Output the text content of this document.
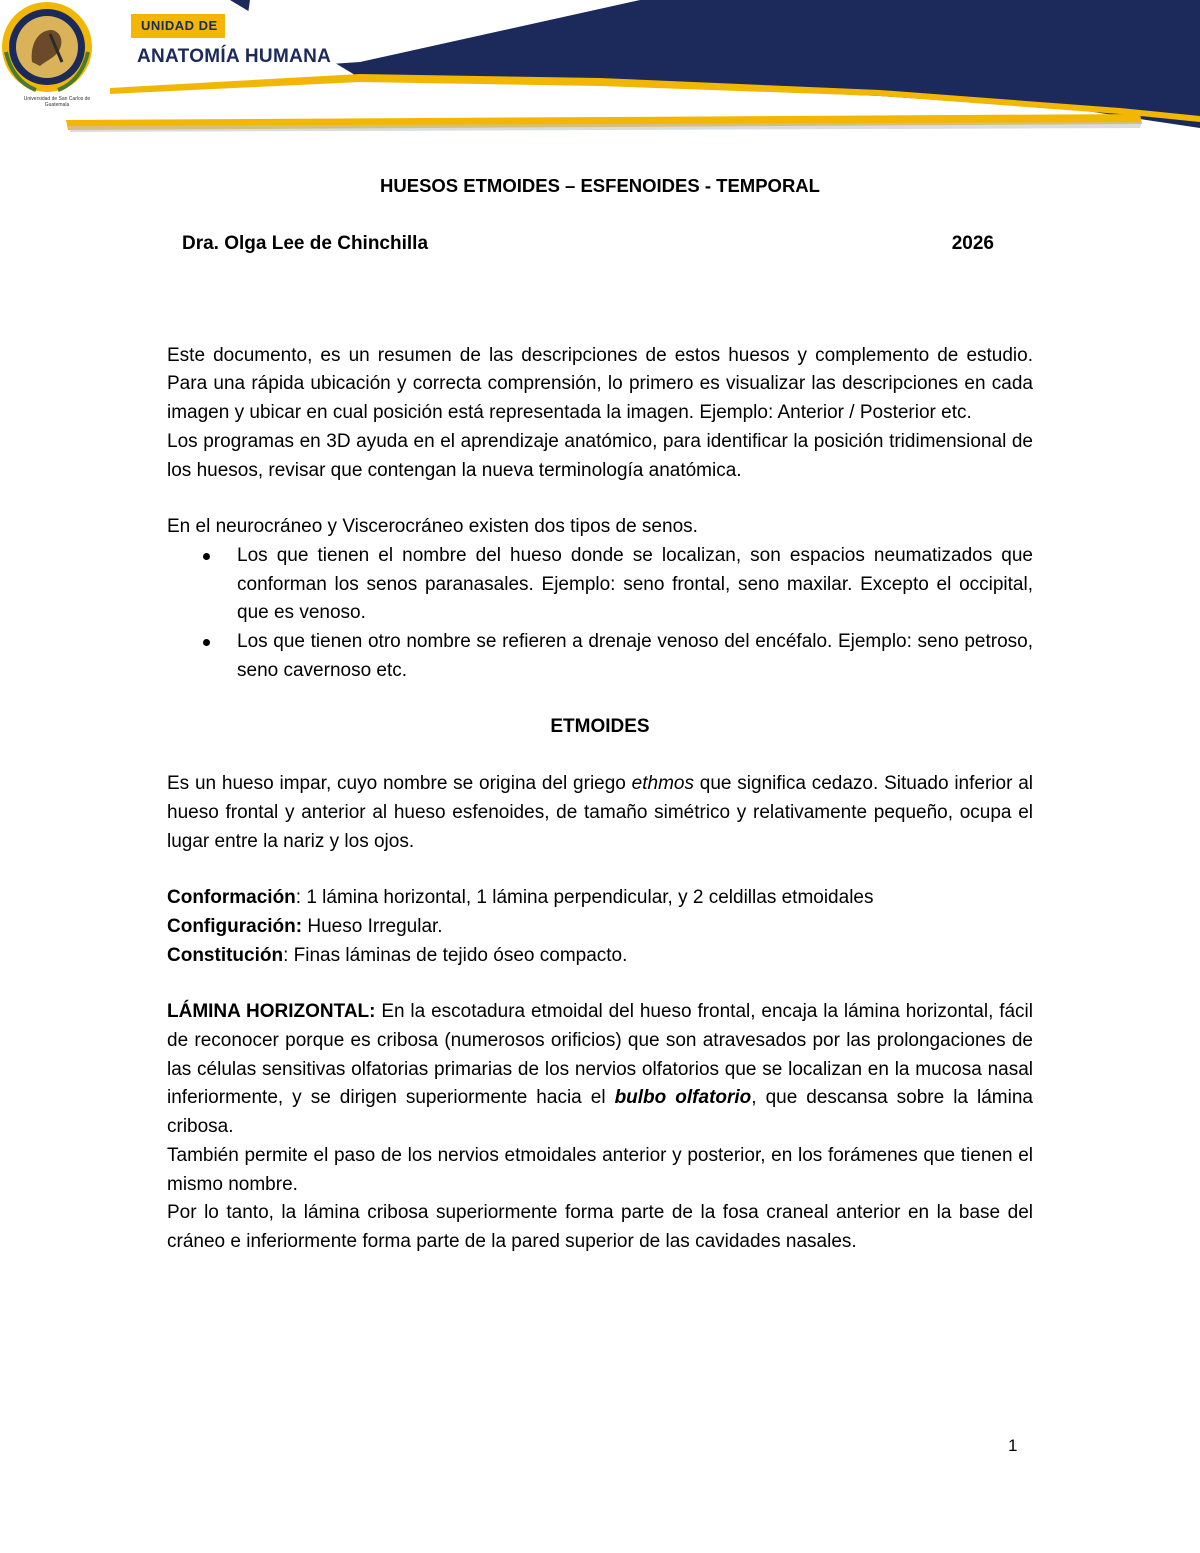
Universidad de San Carlos de Guatemala
UNIDAD DE
ANATOMÍA HUMANA
HUESOS ETMOIDES – ESFENOIDES - TEMPORAL
Dra. Olga Lee de Chinchilla	2026

Este documento, es un resumen de las descripciones de estos huesos y complemento de estudio. Para una rápida ubicación y correcta comprensión, lo primero es visualizar las descripciones en cada imagen y ubicar en cual posición está representada la imagen. Ejemplo: Anterior / Posterior etc.

Los programas en 3D ayuda en el aprendizaje anatómico, para identificar la posición tridimensional de los huesos, revisar que contengan la nueva terminología anatómica.

En el neurocráneo y Viscerocráneo existen dos tipos de senos.

Los que tienen el nombre del hueso donde se localizan, son espacios neumatizados que conforman los senos paranasales. Ejemplo: seno frontal, seno maxilar. Excepto el occipital, que es venoso.
Los que tienen otro nombre se refieren a drenaje venoso del encéfalo. Ejemplo: seno petroso, seno cavernoso etc.

ETMOIDES

Es un hueso impar, cuyo nombre se origina del griego ethmos que significa cedazo. Situado inferior al hueso frontal y anterior al hueso esfenoides, de tamaño simétrico y relativamente pequeño, ocupa el lugar entre la nariz y los ojos.

Conformación: 1 lámina horizontal, 1 lámina perpendicular, y 2 celdillas etmoidales

Configuración: Hueso Irregular.

Constitución: Finas láminas de tejido óseo compacto.

LÁMINA HORIZONTAL: En la escotadura etmoidal del hueso frontal, encaja la lámina horizontal, fácil de reconocer porque es cribosa (numerosos orificios) que son atravesados por las prolongaciones de las células sensitivas olfatorias primarias de los nervios olfatorios que se localizan en la mucosa nasal inferiormente, y se dirigen superiormente hacia el bulbo olfatorio, que descansa sobre la lámina cribosa.

También permite el paso de los nervios etmoidales anterior y posterior, en los forámenes que tienen el mismo nombre.

Por lo tanto, la lámina cribosa superiormente forma parte de la fosa craneal anterior en la base del cráneo e inferiormente forma parte de la pared superior de las cavidades nasales.

1
